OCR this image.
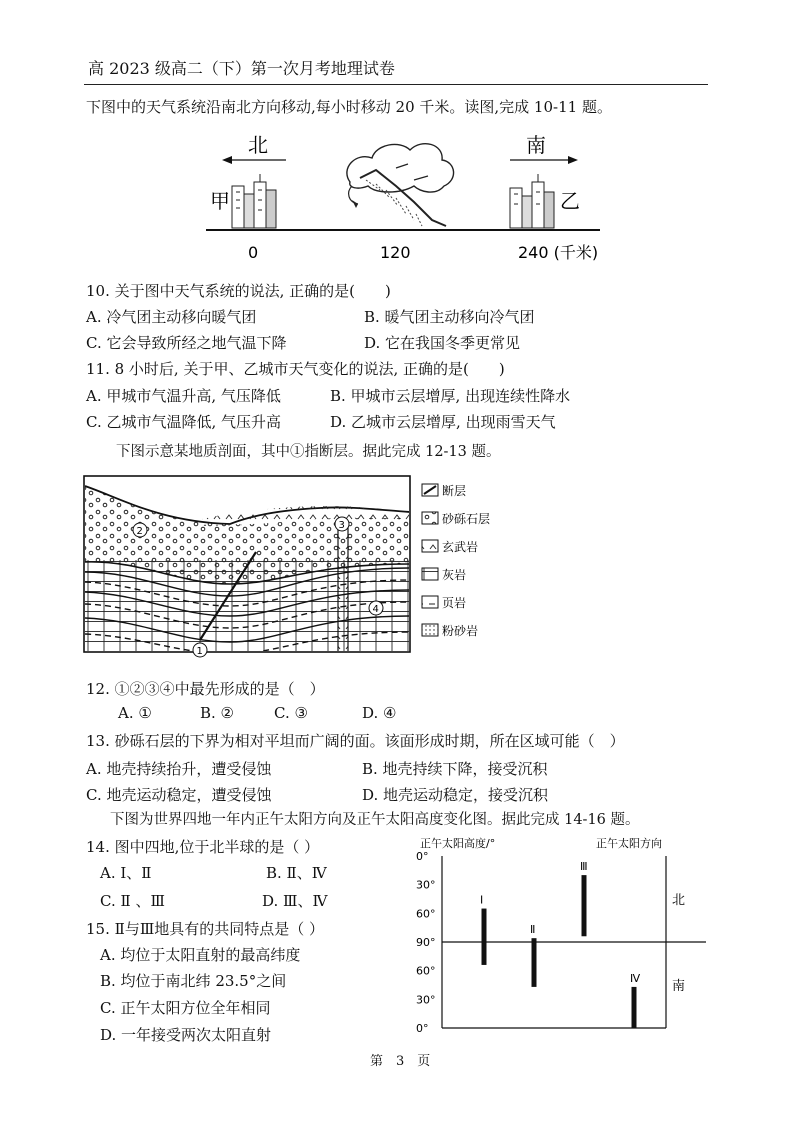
高 2023 级高二（下）第一次月考地理试卷
下图中的天气系统沿南北方向移动,每小时移动 20 千米。读图,完成 10-11 题。
北	南
甲	乙
0	120	240 (千米)
10. 关于图中天气系统的说法, 正确的是(　　)
A. 冷气团主动移向暖气团	B. 暖气团主动移向冷气团
C. 它会导致所经之地气温下降	D. 它在我国冬季更常见
11. 8 小时后, 关于甲、乙城市天气变化的说法, 正确的是(　　)
A. 甲城市气温升高, 气压降低	B. 甲城市云层增厚, 出现连续性降水
C. 乙城市气温降低, 气压升高	D. 乙城市云层增厚, 出现雨雪天气
下图示意某地质剖面，其中①指断层。据此完成 12-13 题。
1
2
3
4
断层
砂砾石层
玄武岩
灰岩
页岩
粉砂岩
12. ①②③④中最先形成的是（　）
A. ①	B. ②	C. ③	D. ④
13. 砂砾石层的下界为相对平坦而广阔的面。该面形成时期，所在区域可能（　）
A. 地壳持续抬升，遭受侵蚀	B. 地壳持续下降，接受沉积
C. 地壳运动稳定，遭受侵蚀	D. 地壳运动稳定，接受沉积
下图为世界四地一年内正午太阳方向及正午太阳高度变化图。据此完成 14-16 题。
14. 图中四地,位于北半球的是（ ）
A. Ⅰ、Ⅱ	B. Ⅱ、Ⅳ
C. Ⅱ 、Ⅲ	D. Ⅲ、Ⅳ
15. Ⅱ与Ⅲ地具有的共同特点是（ ）
A. 均位于太阳直射的最高纬度
B. 均位于南北纬 23.5°之间
C. 正午太阳方位全年相同
D. 一年接受两次太阳直射
正午太阳高度/°	正午太阳方向
北
南
0°
30°
60°
90°
60°
30°
0°
Ⅰ
Ⅱ
Ⅲ
Ⅳ
第　3　页
